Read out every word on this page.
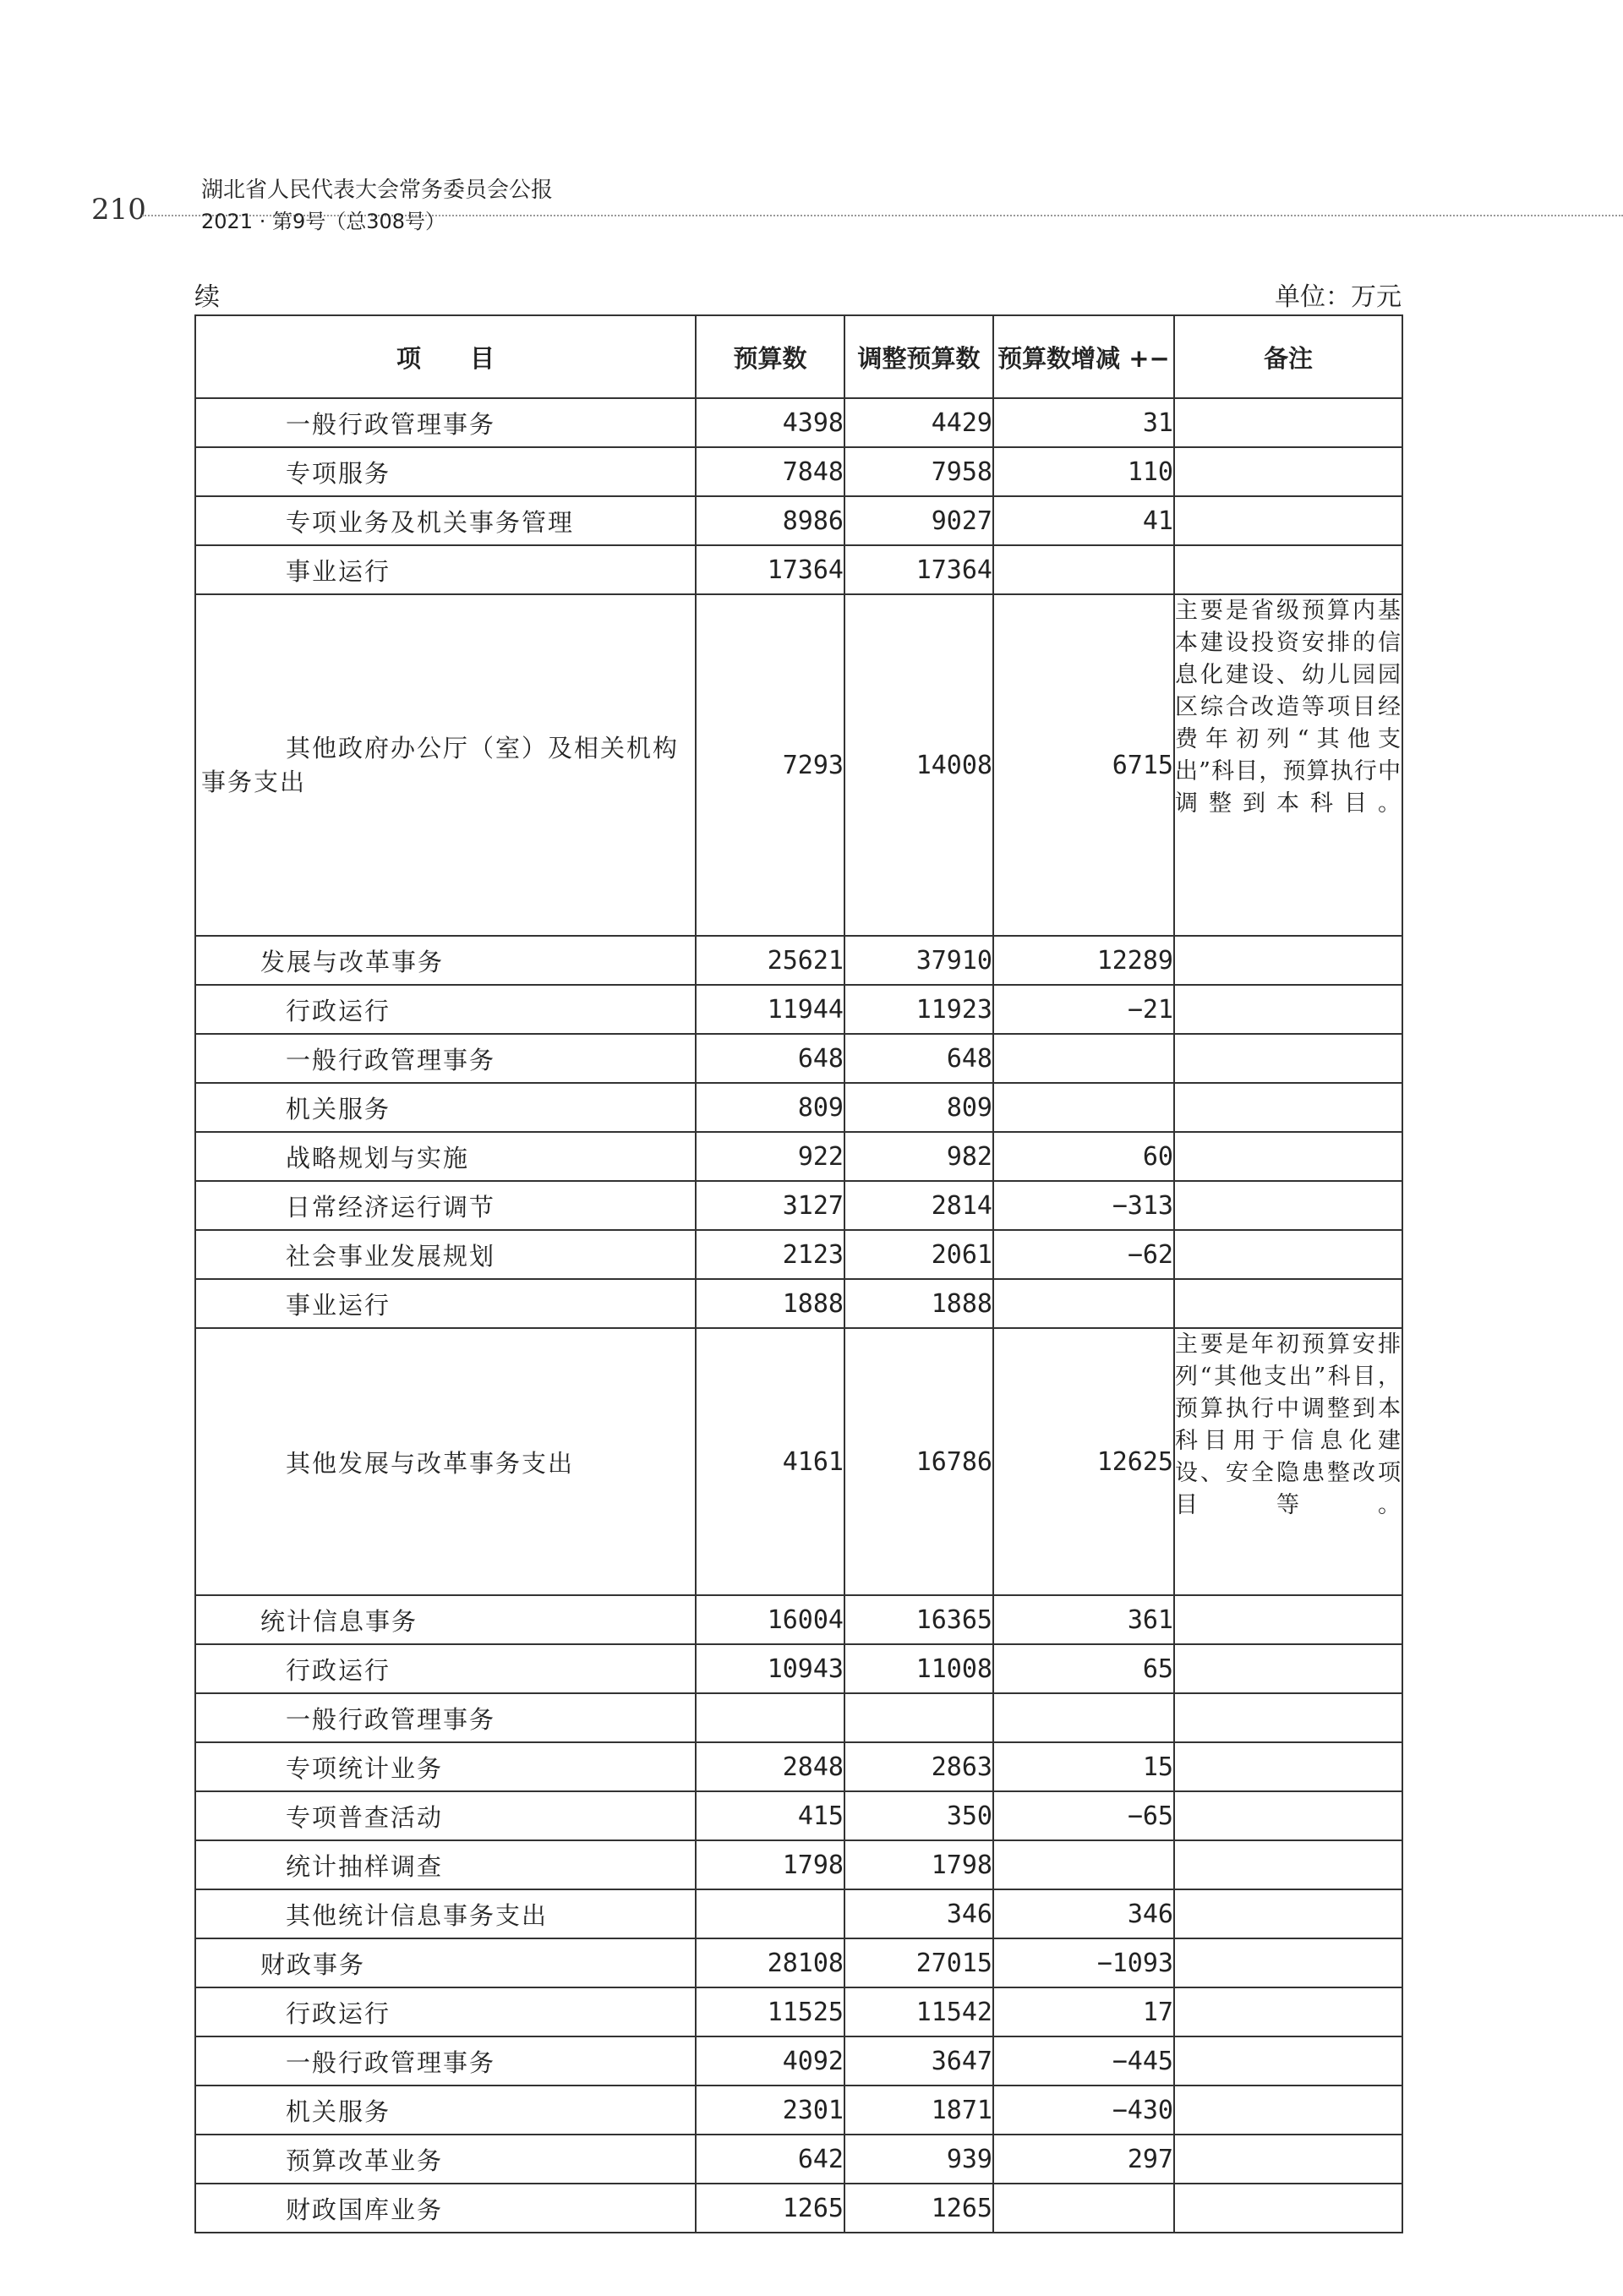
210
湖北省人民代表大会常务委员会公报
2021 · 第9号（总308号）
续	单位：万元
项　　目	预算数	调整预算数	预算数增减 +−	备注
一般行政管理事务	4398	4429	31	
专项服务	7848	7958	110	
专项业务及机关事务管理	8986	9027	41	
事业运行	17364	17364		
其他政府办公厅（室）及相关机构事务支出	7293	14008	6715	主要是省级预算内基本建设投资安排的信息化建设、幼儿园园区综合改造等项目经费年初列“其他支出”科目，预算执行中调整到本科目。
发展与改革事务	25621	37910	12289	
行政运行	11944	11923	−21	
一般行政管理事务	648	648		
机关服务	809	809		
战略规划与实施	922	982	60	
日常经济运行调节	3127	2814	−313	
社会事业发展规划	2123	2061	−62	
事业运行	1888	1888		
其他发展与改革事务支出	4161	16786	12625	主要是年初预算安排列“其他支出”科目，预算执行中调整到本科目用于信息化建设、安全隐患整改项目等。
统计信息事务	16004	16365	361	
行政运行	10943	11008	65	
一般行政管理事务				
专项统计业务	2848	2863	15	
专项普查活动	415	350	−65	
统计抽样调查	1798	1798		
其他统计信息事务支出		346	346	
财政事务	28108	27015	−1093	
行政运行	11525	11542	17	
一般行政管理事务	4092	3647	−445	
机关服务	2301	1871	−430	
预算改革业务	642	939	297	
财政国库业务	1265	1265		
